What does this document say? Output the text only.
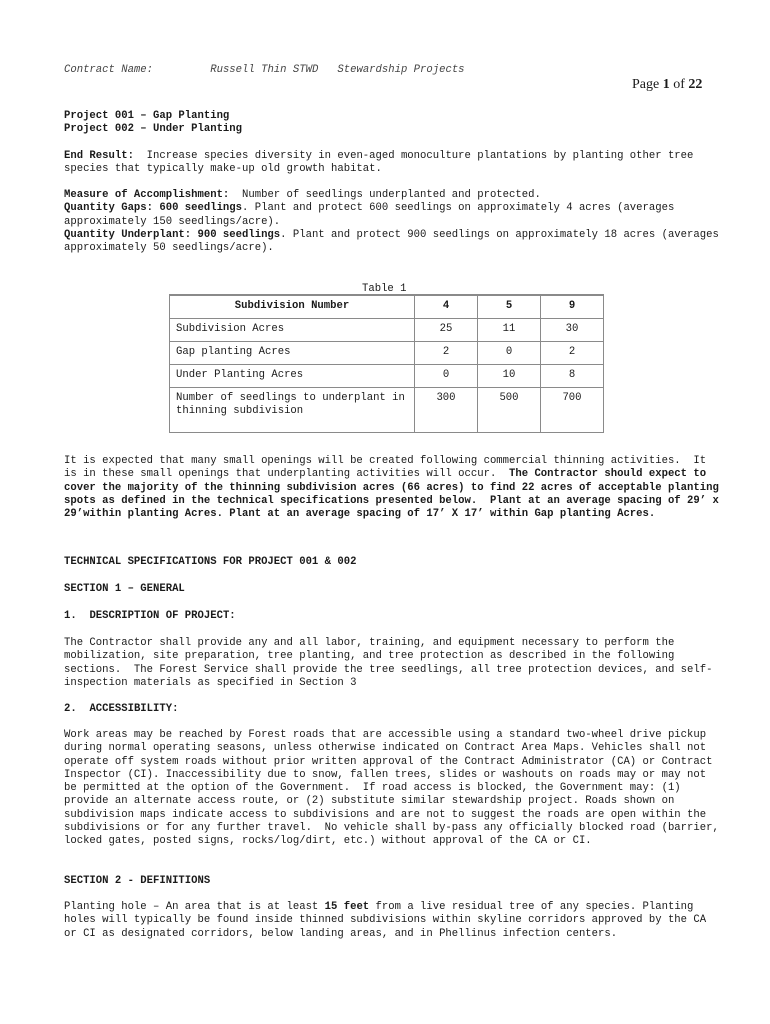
Contract Name:	Russell Thin STWD Stewardship Projects
Page 1 of 22
Project 001 – Gap Planting
Project 002 – Under Planting
End Result:  Increase species diversity in even-aged monoculture plantations by planting other tree species that typically make-up old growth habitat.
Measure of Accomplishment:  Number of seedlings underplanted and protected.
Quantity Gaps: 600 seedlings. Plant and protect 600 seedlings on approximately 4 acres (averages approximately 150 seedlings/acre).
Quantity Underplant: 900 seedlings. Plant and protect 900 seedlings on approximately 18 acres (averages approximately 50 seedlings/acre).
Table 1
Subdivision Number	4	5	9
Subdivision Acres	25	11	30
Gap planting Acres	2	0	2
Under Planting Acres	0	10	8
Number of seedlings to underplant in thinning subdivision	300	500	700
It is expected that many small openings will be created following commercial thinning activities.  It is in these small openings that underplanting activities will occur.  The Contractor should expect to cover the majority of the thinning subdivision acres (66 acres) to find 22 acres of acceptable planting spots as defined in the technical specifications presented below.  Plant at an average spacing of 29’ x 29’within planting Acres. Plant at an average spacing of 17’ X 17’ within Gap planting Acres.
TECHNICAL SPECIFICATIONS FOR PROJECT 001 & 002
SECTION 1 – GENERAL
1. DESCRIPTION OF PROJECT:
The Contractor shall provide any and all labor, training, and equipment necessary to perform the mobilization, site preparation, tree planting, and tree protection as described in the following sections.  The Forest Service shall provide the tree seedlings, all tree protection devices, and self-inspection materials as specified in Section 3
2. ACCESSIBILITY:
Work areas may be reached by Forest roads that are accessible using a standard two-wheel drive pickup during normal operating seasons, unless otherwise indicated on Contract Area Maps. Vehicles shall not operate off system roads without prior written approval of the Contract Administrator (CA) or Contract Inspector (CI). Inaccessibility due to snow, fallen trees, slides or washouts on roads may or may not be permitted at the option of the Government.  If road access is blocked, the Government may: (1) provide an alternate access route, or (2) substitute similar stewardship project. Roads shown on subdivision maps indicate access to subdivisions and are not to suggest the roads are open within the subdivisions or for any further travel.  No vehicle shall by-pass any officially blocked road (barrier, locked gates, posted signs, rocks/log/dirt, etc.) without approval of the CA or CI.
SECTION 2 - DEFINITIONS
Planting hole – An area that is at least 15 feet from a live residual tree of any species. Planting holes will typically be found inside thinned subdivisions within skyline corridors approved by the CA or CI as designated corridors, below landing areas, and in Phellinus infection centers.
